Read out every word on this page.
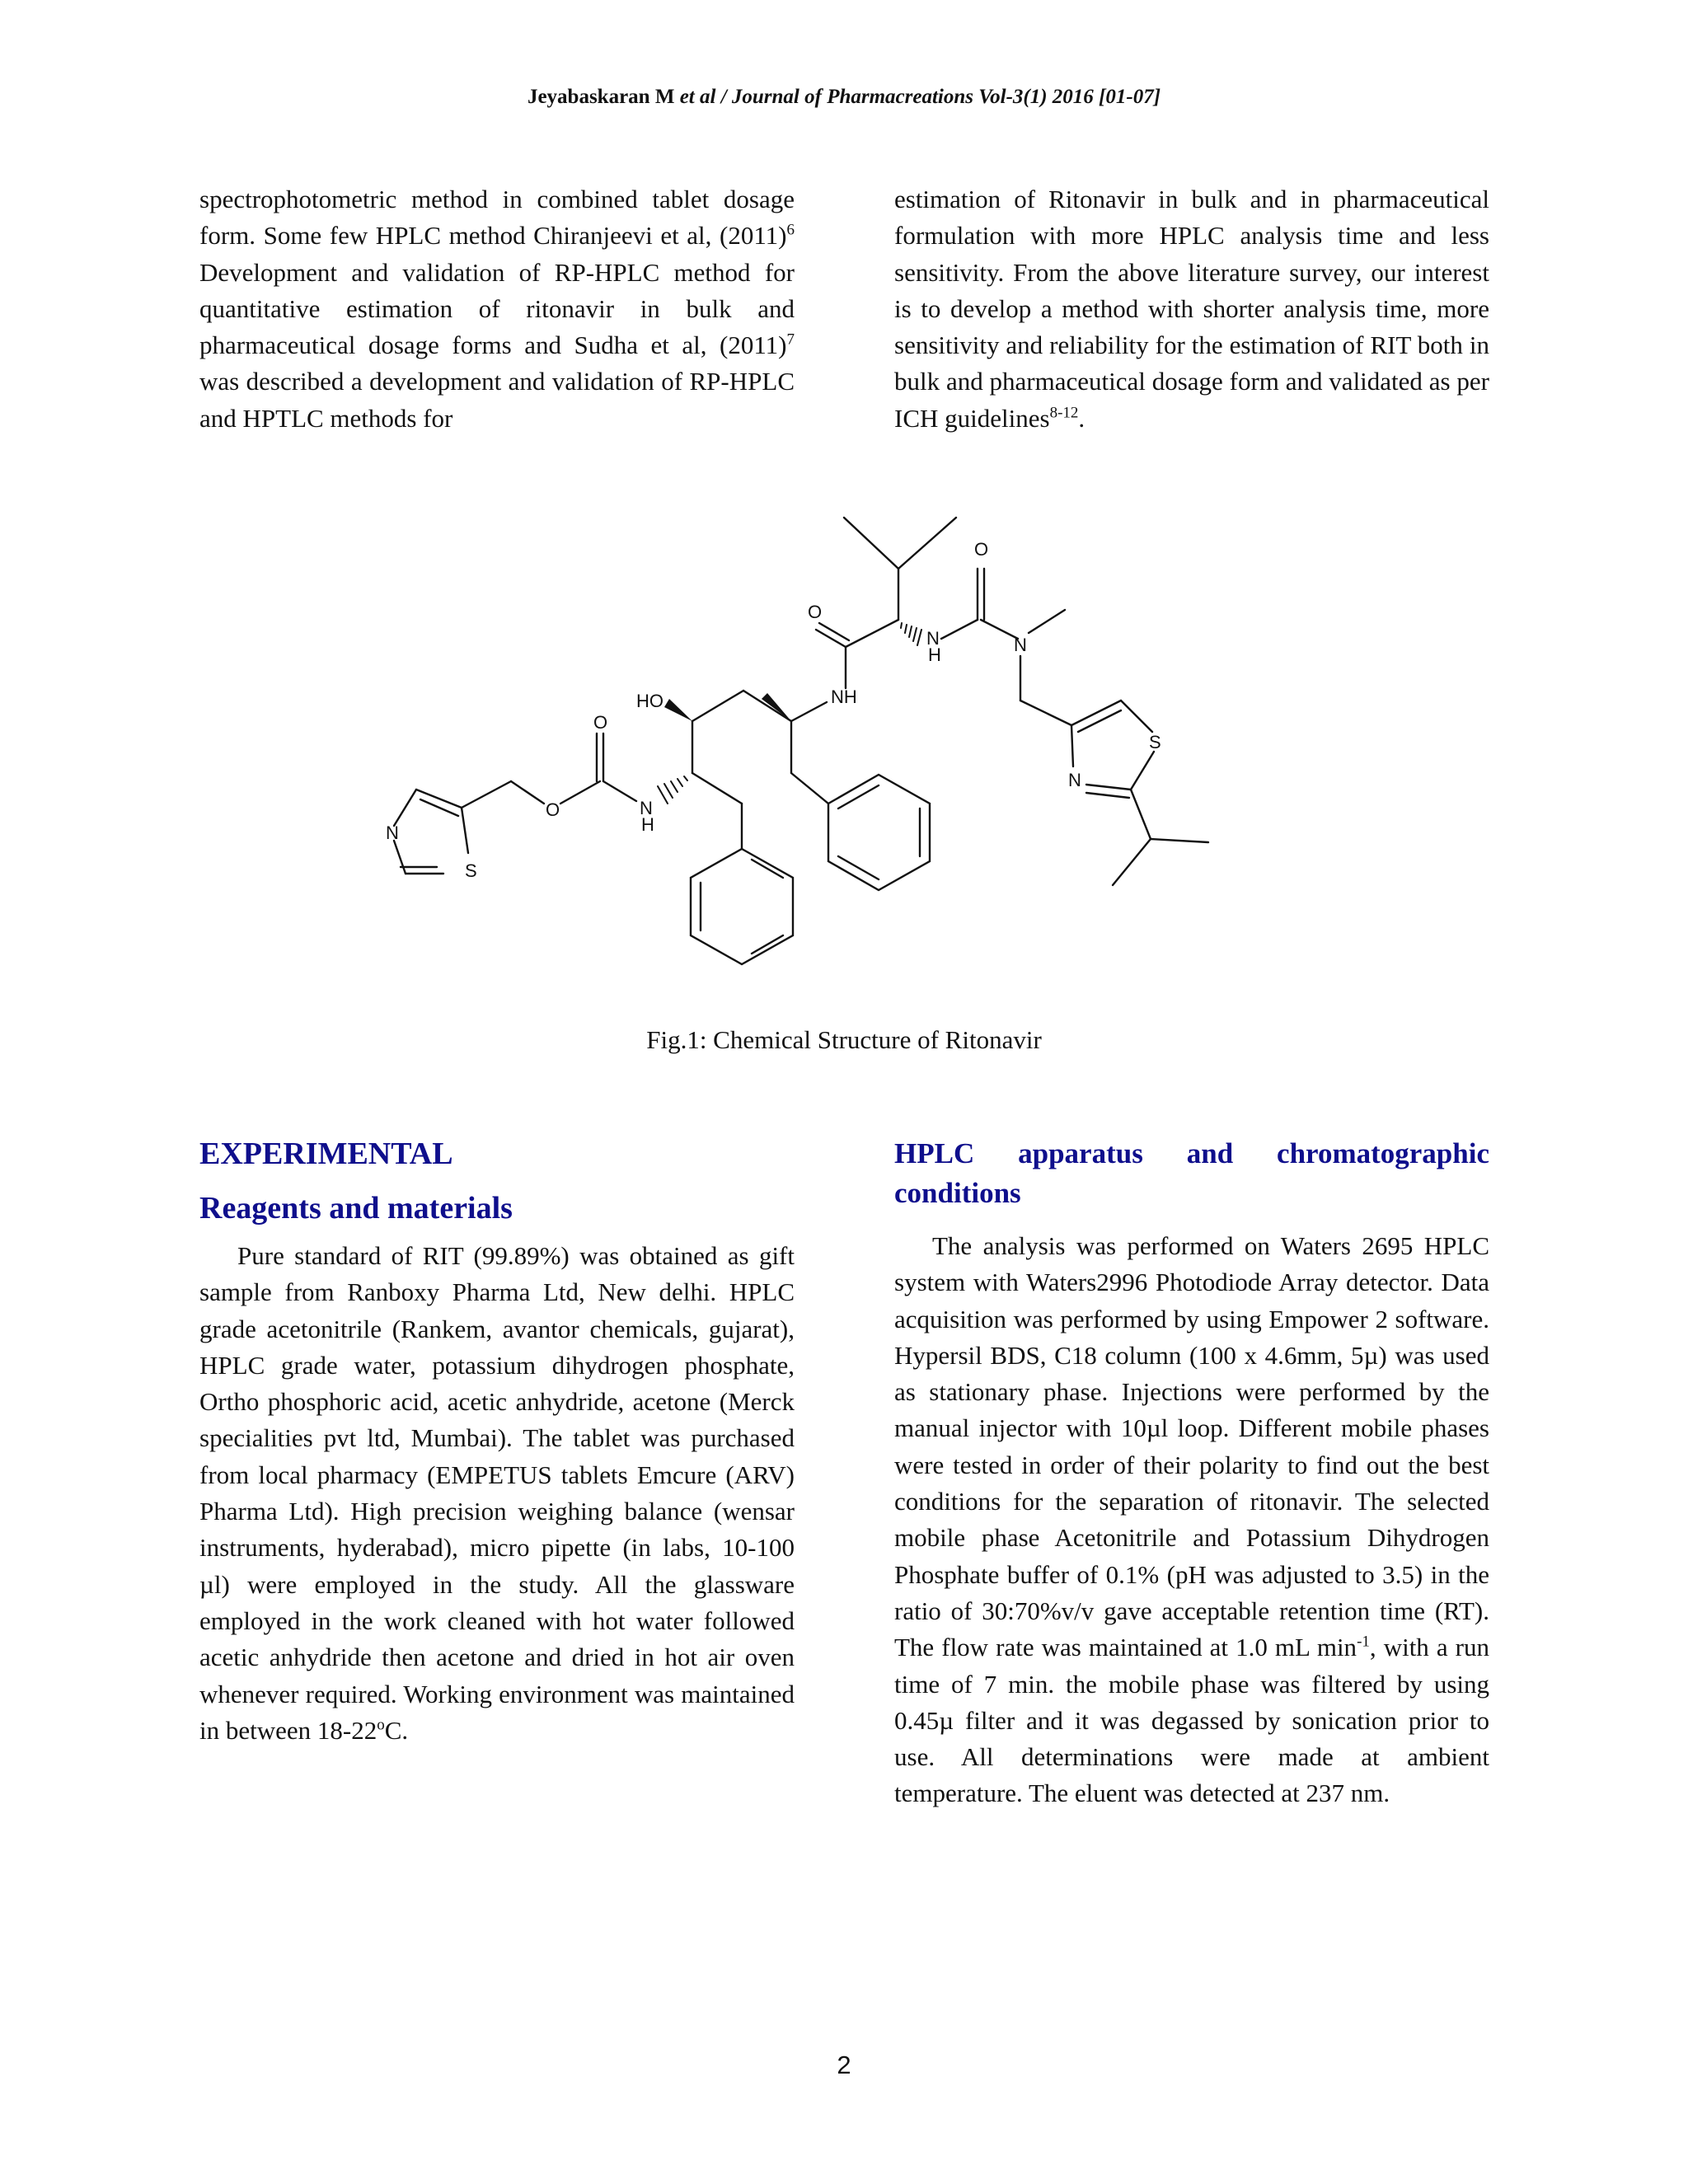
Jeyabaskaran M et al / Journal of Pharmacreations Vol-3(1) 2016 [01-07]

spectrophotometric method in combined tablet dosage form. Some few HPLC method Chiranjeevi et al, $(2011)^6$ Development and validation of RP-HPLC method for quantitative estimation of ritonavir in bulk and pharmaceutical dosage forms and Sudha et al, $(2011)^7$ was described a development and validation of RP-HPLC and HPTLC methods for

estimation of Ritonavir in bulk and in pharmaceutical formulation with more HPLC analysis time and less sensitivity. From the above literature survey, our interest is to develop a method with shorter analysis time, more sensitivity and reliability for the estimation of RIT both in bulk and pharmaceutical dosage form and validated as per ICH guidelines$^{8-12}$.

O
O
N
H	N
NH
HO
O
O	N
H
S
N
N
S
Fig.1: Chemical Structure of Ritonavir
EXPERIMENTAL
Reagents and materials

Pure standard of RIT (99.89%) was obtained as gift sample from Ranboxy Pharma Ltd, New delhi. HPLC grade acetonitrile (Rankem, avantor chemicals, gujarat), HPLC grade water, potassium dihydrogen phosphate, Ortho phosphoric acid, acetic anhydride, acetone (Merck specialities pvt ltd, Mumbai). The tablet was purchased from local pharmacy (EMPETUS tablets Emcure (ARV) Pharma Ltd). High precision weighing balance (wensar instruments, hyderabad), micro pipette (in labs, 10-100 µl) were employed in the study. All the glassware employed in the work cleaned with hot water followed acetic anhydride then acetone and dried in hot air oven whenever required. Working environment was maintained in between 18-22$^o$C.

HPLC apparatus and chromatographic
conditions

The analysis was performed on Waters 2695 HPLC system with Waters2996 Photodiode Array detector. Data acquisition was performed by using Empower 2 software. Hypersil BDS, C18 column (100 x 4.6mm, 5µ) was used as stationary phase. Injections were performed by the manual injector with 10µl loop. Different mobile phases were tested in order of their polarity to find out the best conditions for the separation of ritonavir. The selected mobile phase Acetonitrile and Potassium Dihydrogen Phosphate buffer of 0.1% (pH was adjusted to 3.5) in the ratio of 30:70%v/v gave acceptable retention time (RT). The flow rate was maintained at 1.0 mL $\min^{-1}$, with a run time of 7 min. the mobile phase was filtered by using 0.45µ filter and it was degassed by sonication prior to use. All determinations were made at ambient temperature. The eluent was detected at 237 nm.

2
